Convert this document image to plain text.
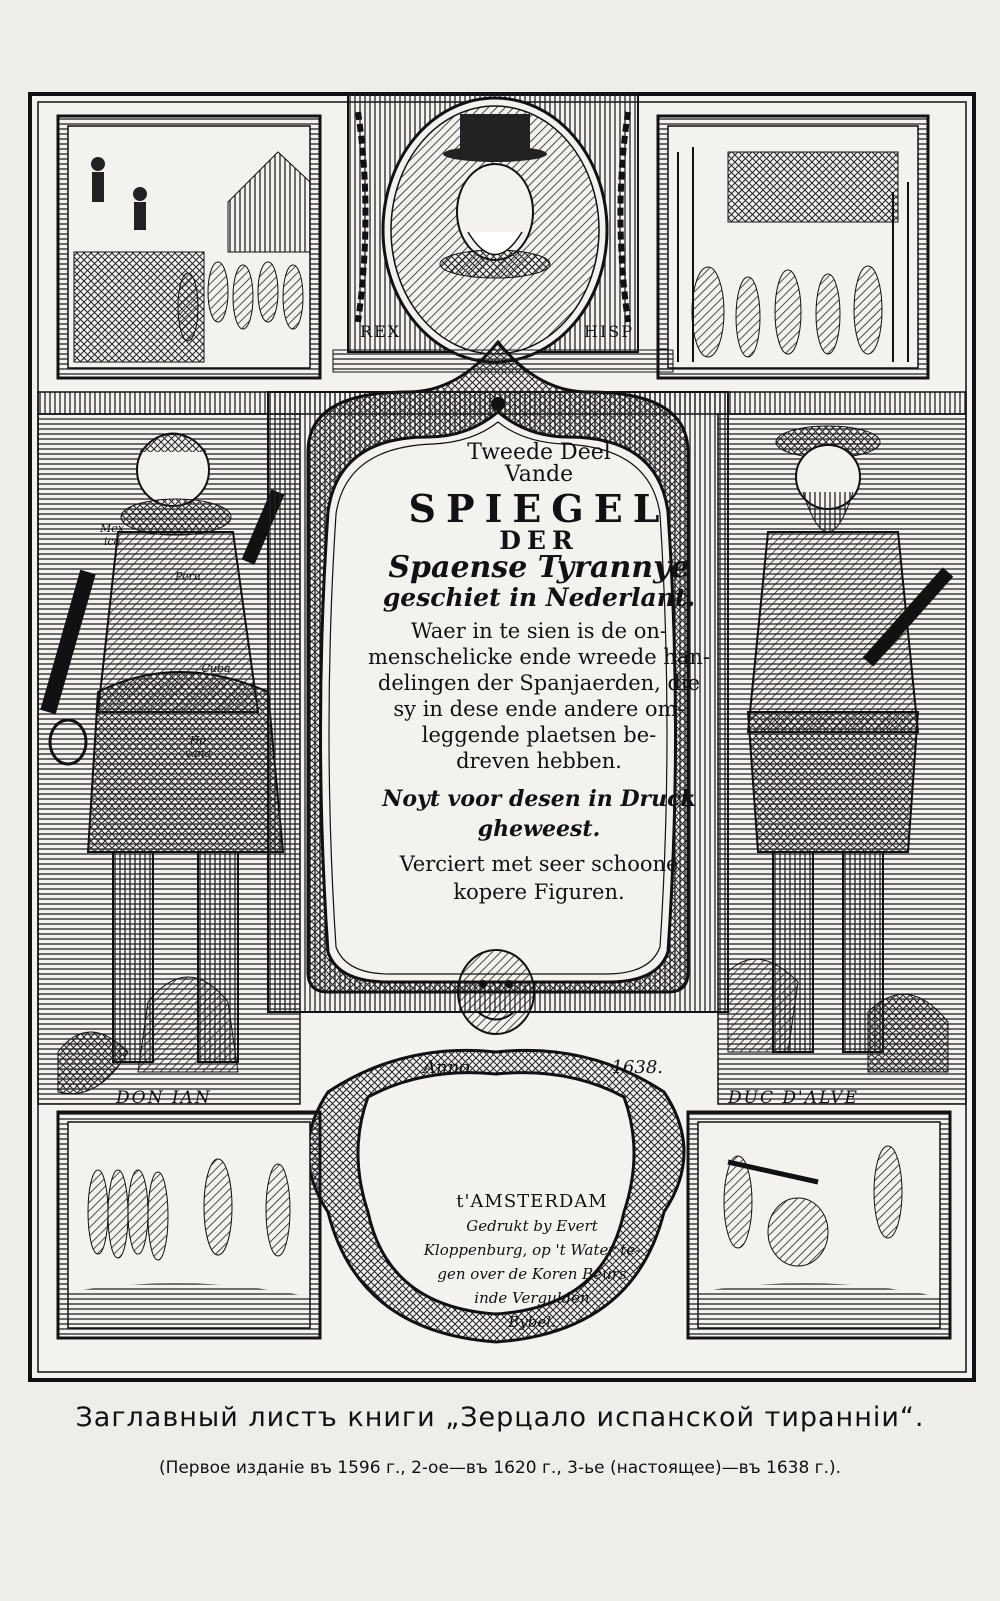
REX	HISP
Tweede Deel
Vande
SPIEGEL
DER
Spaense Tyrannye
geschiet in Nederlant.
Waer in te sien is de on-
menschelicke ende wreede han-
delingen der Spanjaerden, die
sy in dese ende andere om-
leggende plaetsen be-
dreven hebben.
Noyt voor desen in Druck
gheweest.
Verciert met seer schoone
kopere Figuren.
Anno	1638.
t'AMSTERDAM
Gedrukt by Evert
Kloppenburg, op 't Water te-
gen over de Koren Beurs
inde Vergulden
Bybel.
DON IAN	DUC D'ALVE
Mex ico
Peru
Cuba
Ha vana
Заглавный листъ книги „Зерцало испанской тираннiи“.
(Первое изданiе въ 1596 г., 2-ое—въ 1620 г., 3-ье (настоящее)—въ 1638 г.).
